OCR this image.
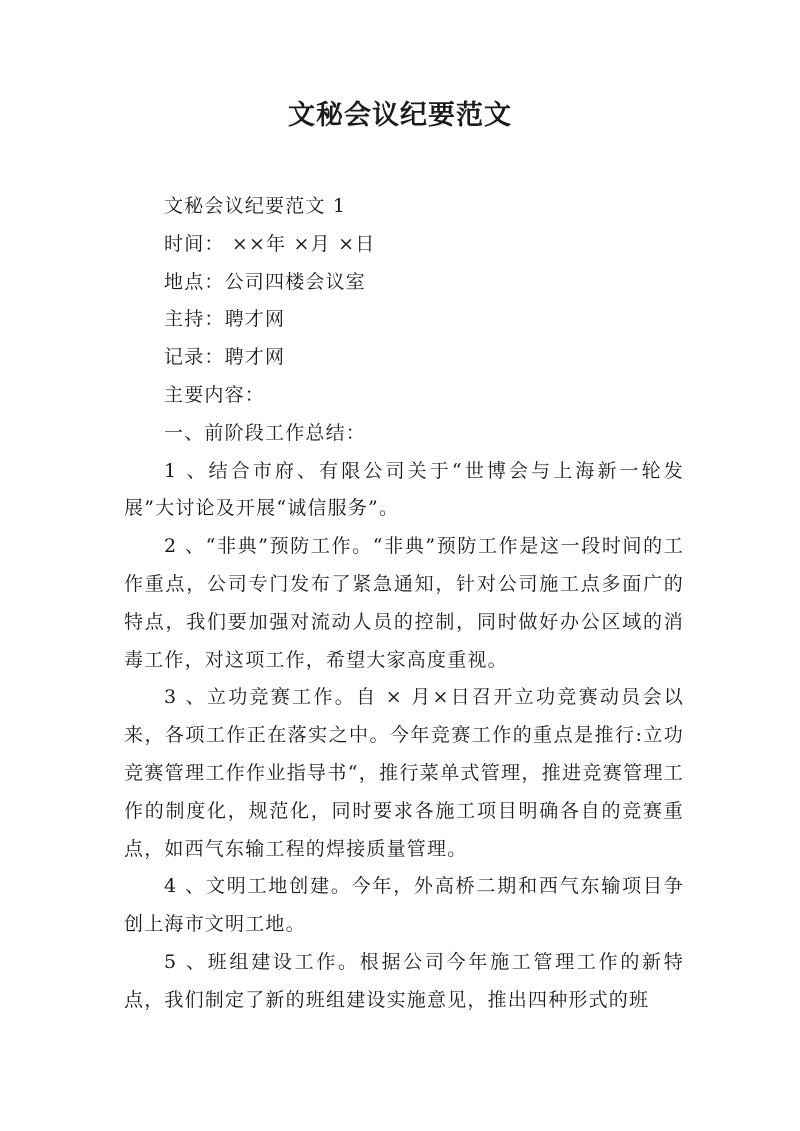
文秘会议纪要范文
文秘会议纪要范文 1
时间： ××年 ×月 ×日
地点：公司四楼会议室
主持：聘才网
记录：聘才网
主要内容：
一、前阶段工作总结：
1 、结合市府、有限公司关于“世博会与上海新一轮发展”大讨论及开展“诚信服务”。
2 、“非典”预防工作。“非典”预防工作是这一段时间的工作重点，公司专门发布了紧急通知，针对公司施工点多面广的特点，我们要加强对流动人员的控制，同时做好办公区域的消毒工作，对这项工作，希望大家高度重视。
3 、立功竞赛工作。自 × 月×日召开立功竞赛动员会以来，各项工作正在落实之中。今年竞赛工作的重点是推行:立功竞赛管理工作作业指导书“，推行菜单式管理，推进竞赛管理工作的制度化，规范化，同时要求各施工项目明确各自的竞赛重点，如西气东输工程的焊接质量管理。
4 、文明工地创建。今年，外高桥二期和西气东输项目争创上海市文明工地。
5 、班组建设工作。根据公司今年施工管理工作的新特点，我们制定了新的班组建设实施意见，推出四种形式的班
